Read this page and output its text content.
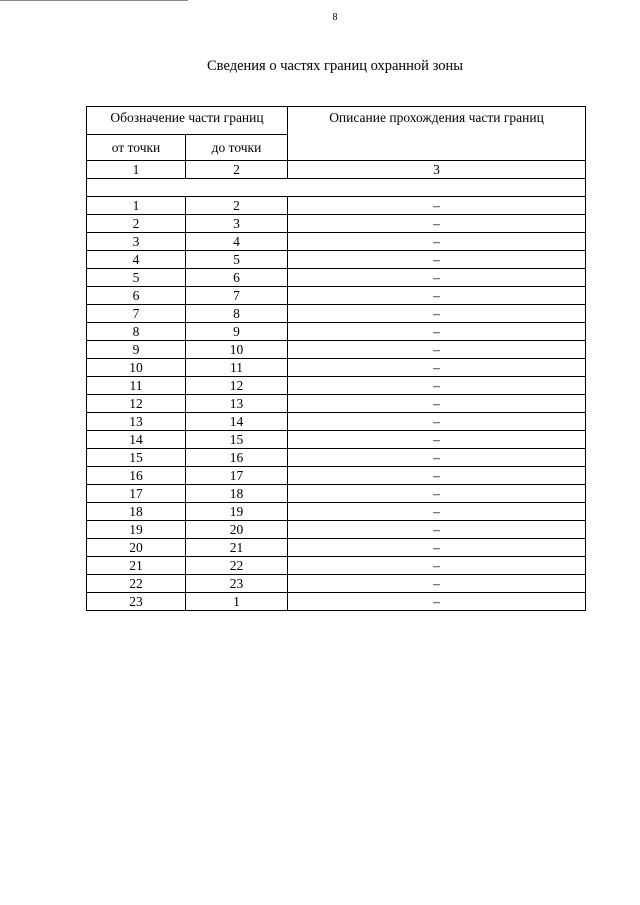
8
Сведения о частях границ охранной зоны
Обозначение части границ		Описание прохождения части границ
от точки	до точки	
1	2	3

1	2	–
2	3	–
3	4	–
4	5	–
5	6	–
6	7	–
7	8	–
8	9	–
9	10	–
10	11	–
11	12	–
12	13	–
13	14	–
14	15	–
15	16	–
16	17	–
17	18	–
18	19	–
19	20	–
20	21	–
21	22	–
22	23	–
23	1	–
